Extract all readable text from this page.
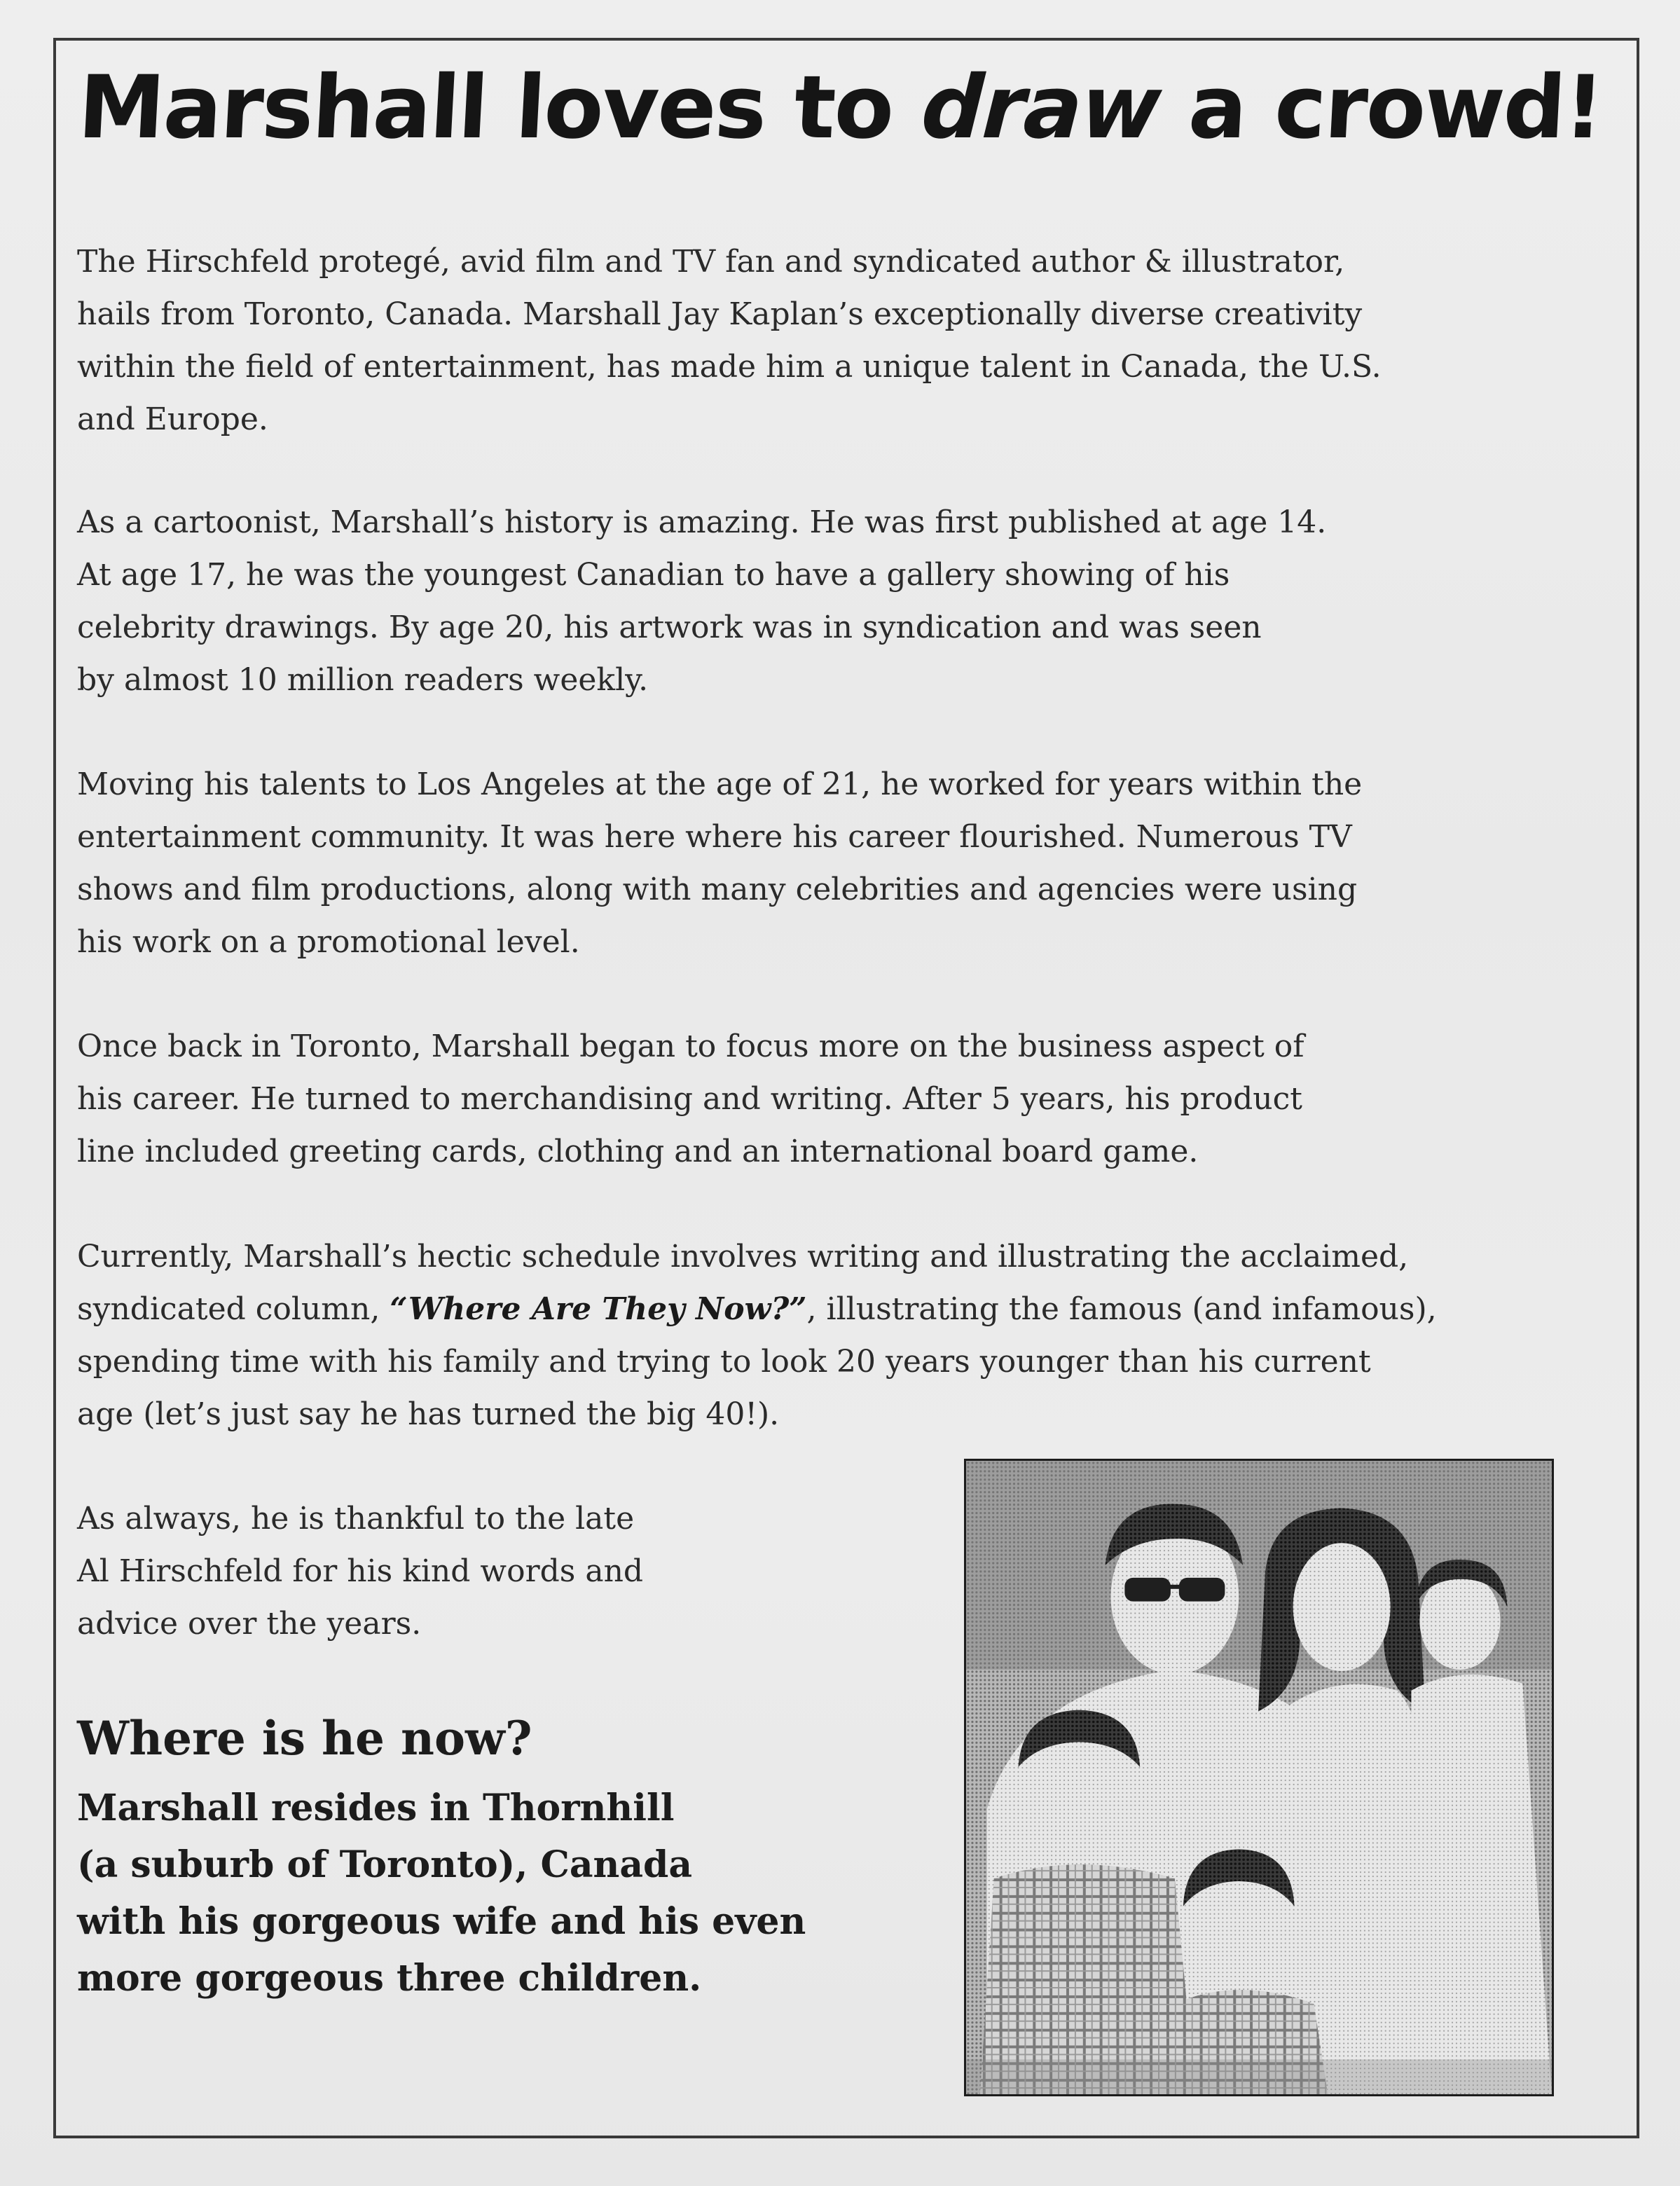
Marshall loves to draw a crowd!
The Hirschfeld protegé, avid film and TV fan and syndicated author & illustrator,
hails from Toronto, Canada. Marshall Jay Kaplan’s exceptionally diverse creativity
within the field of entertainment, has made him a unique talent in Canada, the U.S.
and Europe.
As a cartoonist, Marshall’s history is amazing. He was first published at age 14.
At age 17, he was the youngest Canadian to have a gallery showing of his
celebrity drawings. By age 20, his artwork was in syndication and was seen
by almost 10 million readers weekly.
Moving his talents to Los Angeles at the age of 21, he worked for years within the
entertainment community. It was here where his career flourished. Numerous TV
shows and film productions, along with many celebrities and agencies were using
his work on a promotional level.
Once back in Toronto, Marshall began to focus more on the business aspect of
his career. He turned to merchandising and writing. After 5 years, his product
line included greeting cards, clothing and an international board game.
Currently, Marshall’s hectic schedule involves writing and illustrating the acclaimed,
syndicated column, “Where Are They Now?”, illustrating the famous (and infamous),
spending time with his family and trying to look 20 years younger than his current
age (let’s just say he has turned the big 40!).
As always, he is thankful to the late
Al Hirschfeld for his kind words and
advice over the years.
Where is he now?
Marshall resides in Thornhill
(a suburb of Toronto), Canada
with his gorgeous wife and his even
more gorgeous three children.
